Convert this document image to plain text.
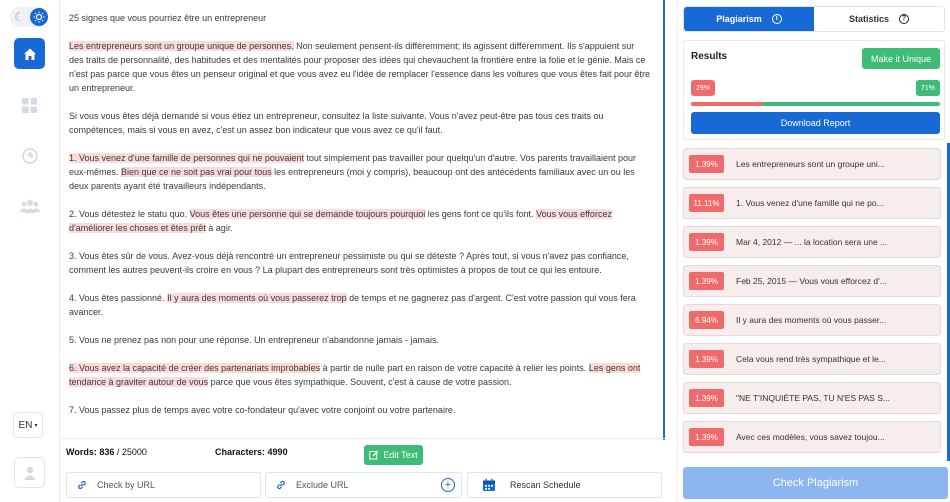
☾
EN ▾

25 signes que vous pourriez être un entrepreneur

Les entrepreneurs sont un groupe unique de personnes. Non seulement pensent-ils différemment; ils agissent différemment. Ils s'appuient sur des traits de personnalité, des habitudes et des mentalités pour proposer des idées qui chevauchent la frontière entre la folie et le génie. Mais ce n'est pas parce que vous êtes un penseur original et que vous avez eu l'idée de remplacer l'essence dans les voitures que vous êtes fait pour être un entrepreneur.

Si vous vous êtes déjà demandé si vous étiez un entrepreneur, consultez la liste suivante. Vous n'avez peut-être pas tous ces traits ou compétences, mais si vous en avez, c'est un assez bon indicateur que vous avez ce qu'il faut.

1. Vous venez d'une famille de personnes qui ne pouvaient tout simplement pas travailler pour quelqu'un d'autre. Vos parents travaillaient pour eux-mêmes. Bien que ce ne soit pas vrai pour tous les entrepreneurs (moi y compris), beaucoup ont des antécédents familiaux avec un ou les deux parents ayant été travailleurs indépendants.

2. Vous détestez le statu quo. Vous êtes une personne qui se demande toujours pourquoi les gens font ce qu'ils font. Vous vous efforcez d'améliorer les choses et êtes prêt à agir.

3. Vous êtes sûr de vous. Avez-vous déjà rencontré un entrepreneur pessimiste ou qui se déteste ? Après tout, si vous n'avez pas confiance, comment les autres peuvent-ils croire en vous ? La plupart des entrepreneurs sont très optimistes à propos de tout ce qui les entoure.

4. Vous êtes passionné. Il y aura des moments où vous passerez trop de temps et ne gagnerez pas d'argent. C'est votre passion qui vous fera avancer.

5. Vous ne prenez pas non pour une réponse. Un entrepreneur n'abandonne jamais - jamais.

6. Vous avez la capacité de créer des partenariats improbables à partir de nulle part en raison de votre capacité à relier les points. Les gens ont tendance à graviter autour de vous parce que vous êtes sympathique. Souvent, c'est à cause de votre passion.

7. Vous passez plus de temps avec votre co-fondateur qu'avec votre conjoint ou votre partenaire.

Words: 836 / 25000	Characters: 4990	Edit Text
Check by URL
Exclude URL
+	Rescan Schedule
Plagiarism	i	Statistics	?
Results	Make it Unique
29%	71%
Download Report
1.39%	Les entrepreneurs sont un groupe uni...
11.11%	1. Vous venez d'une famille qui ne po...
1.39%	Mar 4, 2012 — ... la location sera une ...
1.39%	Feb 25, 2015 — Vous vous efforcez d'...
6.94%	Il y aura des moments où vous passer...
1.39%	Cela vous rend très sympathique et le...
1.39%	"NE T'INQUIÈTE PAS, TU N'ES PAS S...
1.39%	Avec ces modèles, vous savez toujou...
Check Plagiarism
